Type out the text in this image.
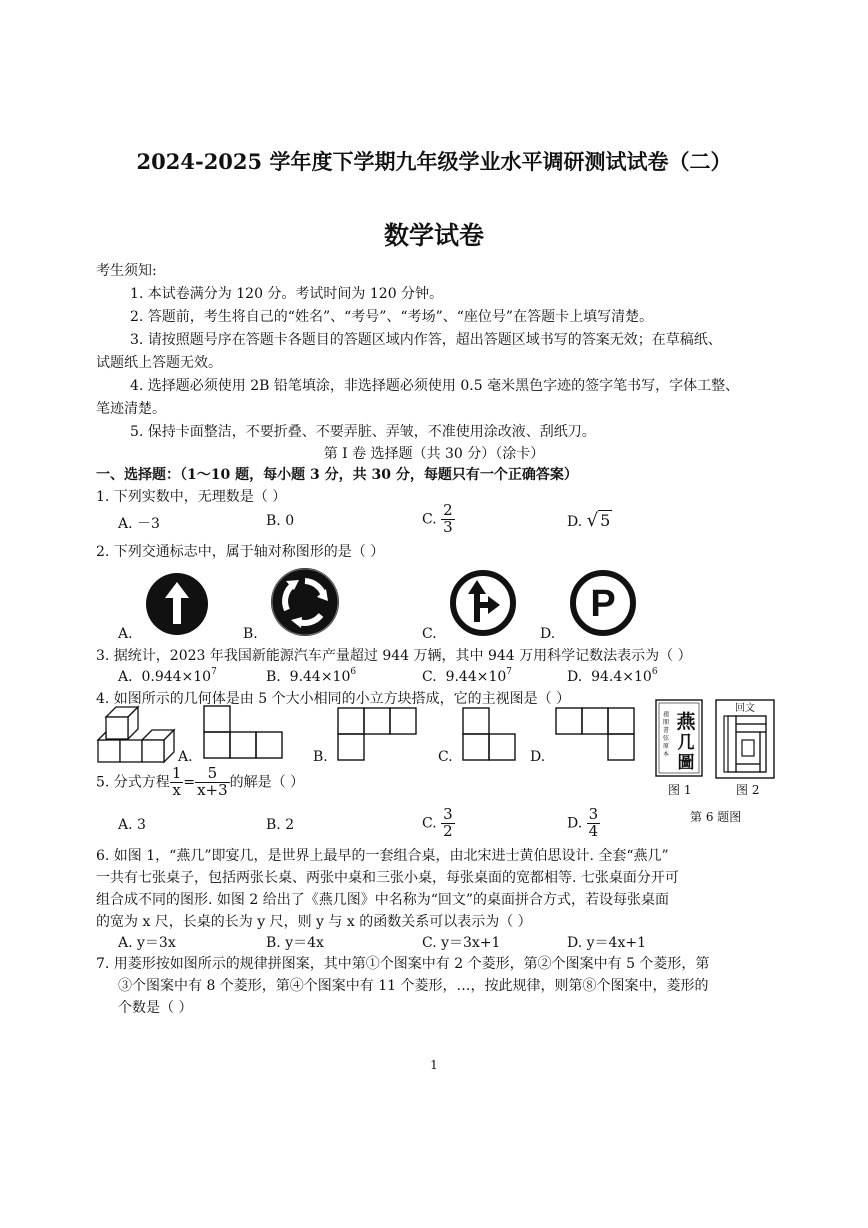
2024-2025 学年度下学期九年级学业水平调研测试试卷（二）
数学试卷
考生须知:
1. 本试卷满分为 120 分。考试时间为 120 分钟。
2. 答题前，考生将自己的“姓名”、“考号”、“考场”、“座位号”在答题卡上填写清楚。
3. 请按照题号序在答题卡各题目的答题区域内作答，超出答题区域书写的答案无效；在草稿纸、
试题纸上答题无效。
4. 选择题必须使用 2B 铅笔填涂，非选择题必须使用 0.5 毫米黑色字迹的签字笔书写，字体工整、
笔迹清楚。
5. 保持卡面整洁，不要折叠、不要弄脏、弄皱，不准使用涂改液、刮纸刀。
第 I 卷 选择题（共 30 分）（涂卡）
一、选择题：（1～10 题，每小题 3 分，共 30 分，每题只有一个正确答案）
1. 下列实数中，无理数是（ ）
A. －3	B. 0	C. $\frac{2}{3}$	D. √ 5
2. 下列交通标志中，属于轴对称图形的是（ ）
P
A.	B.	C.	D.
3. 据统计，2023 年我国新能源汽车产量超过 944 万辆，其中 944 万用科学记数法表示为（ ）
A. $0.944\times 10^7$	B. $9.44\times 10^6$	C. $9.44\times 10^7$	D. $94.4\times 10^6$
4. 如图所示的几何体是由 5 个大小相同的小立方块搭成，它的主视图是（ ）
A.	B.	C.	D.
禊 閣 書 弦 原 本 燕
几
圖
回文
图 1	图 2
第 6 题图
5. 分式方程 $\frac{1}{x} = \frac{5}{x+3}$ 的解是（ ）
A. 3	B. 2	C. $\frac{3}{2}$	D. $\frac{3}{4}$
6. 如图 1，“燕几”即宴几，是世界上最早的一套组合桌，由北宋进士黄伯思设计. 全套“燕几”
一共有七张桌子，包括两张长桌、两张中桌和三张小桌，每张桌面的宽都相等. 七张桌面分开可
组合成不同的图形. 如图 2 给出了《燕几图》中名称为“回文”的桌面拼合方式，若设每张桌面
的宽为 x 尺，长桌的长为 y 尺，则 y 与 x 的函数关系可以表示为（ ）
A. y＝3x	B. y＝4x	C. y＝3x+1	D. y＝4x+1
7. 用菱形按如图所示的规律拼图案，其中第①个图案中有 2 个菱形，第②个图案中有 5 个菱形，第
③个图案中有 8 个菱形，第④个图案中有 11 个菱形，…，按此规律，则第⑧个图案中，菱形的
个数是（ ）
1
